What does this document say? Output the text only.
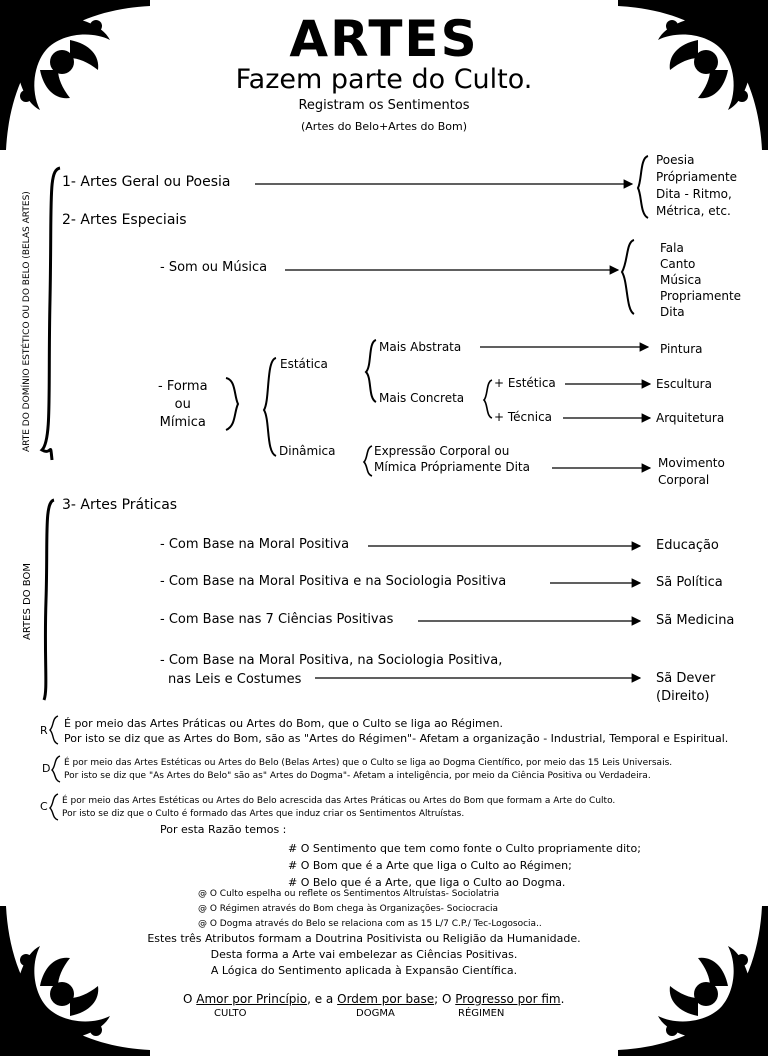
ARTES
Fazem parte do Culto.
Registram os Sentimentos
(Artes do Belo+Artes do Bom)
ARTE DO DOMÍNIO ESTÉTICO OU DO BELO (BELAS ARTES)
ARTES DO BOM
1- Artes Geral ou Poesia
Poesia
Própriamente
Dita - Ritmo,
Métrica, etc.
2- Artes Especiais
- Som ou Música
Fala
Canto
Música
Propriamente
Dita
- Forma
ou
Mímica
Estática
Dinâmica
Mais Abstrata	Pintura
Mais Concreta
+ Estética	Escultura
+ Técnica	Arquitetura
Expressão Corporal ou
Mímica Própriamente Dita	Movimento
Corporal
3- Artes Práticas
- Com Base na Moral Positiva	Educação
- Com Base na Moral Positiva e na Sociologia Positiva	Sã Política
- Com Base nas 7 Ciências Positivas	Sã Medicina
- Com Base na Moral Positiva, na Sociologia Positiva,
nas Leis e Costumes	Sã Dever
(Direito)
R
É por meio das Artes Práticas ou Artes do Bom, que o Culto se liga ao Régimen.
Por isto se diz que as Artes do Bom, são as "Artes do Régimen"- Afetam a organização - Industrial, Temporal e Espiritual.
D É por meio das Artes Estéticas ou Artes do Belo (Belas Artes) que o Culto se liga ao Dogma Científico, por meio das 15 Leis Universais.
Por isto se diz que "As Artes do Belo" são as" Artes do Dogma"- Afetam a inteligência, por meio da Ciência Positiva ou Verdadeira.
C É por meio das Artes Estéticas ou Artes do Belo acrescida das Artes Práticas ou Artes do Bom que formam a Arte do Culto.
Por isto se diz que o Culto é formado das Artes que induz criar os Sentimentos Altruístas.
Por esta Razão temos :
# O Sentimento que tem como fonte o Culto propriamente dito;
# O Bom que é a Arte que liga o Culto ao Régimen;
# O Belo que é a Arte, que liga o Culto ao Dogma.
@ O Culto espelha ou reflete os Sentimentos Altruístas- Sociolatria
@ O Régimen através do Bom chega às Organizações- Sociocracia
@ O Dogma através do Belo se relaciona com as 15 L/7 C.P./ Tec-Logosocia..
Estes três Atributos formam a Doutrina Positivista ou Religião da Humanidade.
Desta forma a Arte vai embelezar as Ciências Positivas.
A Lógica do Sentimento aplicada à Expansão Científica.
O Amor por Princípio, e a Ordem por base; O Progresso por fim.
CULTO	DOGMA	RÉGIMEN
